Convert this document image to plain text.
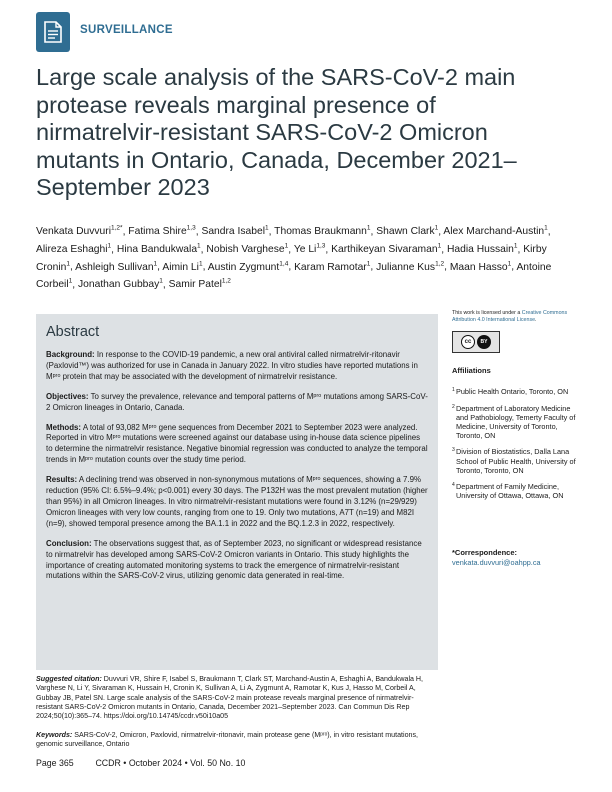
SURVEILLANCE
Large scale analysis of the SARS-CoV-2 main protease reveals marginal presence of nirmatrelvir-resistant SARS-CoV-2 Omicron mutants in Ontario, Canada, December 2021–September 2023
Venkata Duvvuri$^{1,2*}$, Fatima Shire$^{1,3}$, Sandra Isabel$^1$, Thomas Braukmann$^1$, Shawn Clark$^1$, Alex Marchand-Austin$^1$, Alireza Eshaghi$^1$, Hina Bandukwala$^1$, Nobish Varghese$^1$, Ye Li$^{1,3}$, Karthikeyan Sivaraman$^1$, Hadia Hussain$^1$, Kirby Cronin$^1$, Ashleigh Sullivan$^1$, Aimin Li$^1$, Austin Zygmunt$^{1,4}$, Karam Ramotar$^1$, Julianne Kus$^{1,2}$, Maan Hasso$^1$, Antoine Corbeil$^1$, Jonathan Gubbay$^1$, Samir Patel$^{1,2}$
Abstract

Background: In response to the COVID-19 pandemic, a new oral antiviral called nirmatrelvir-ritonavir (Paxlovid™) was authorized for use in Canada in January 2022. In vitro studies have reported mutations in Mᵖʳᵒ protein that may be associated with the development of nirmatrelvir resistance.

Objectives: To survey the prevalence, relevance and temporal patterns of Mᵖʳᵒ mutations among SARS-CoV-2 Omicron lineages in Ontario, Canada.

Methods: A total of 93,082 Mᵖʳᵒ gene sequences from December 2021 to September 2023 were analyzed. Reported in vitro Mᵖʳᵒ mutations were screened against our database using in-house data science pipelines to determine the nirmatrelvir resistance. Negative binomial regression was conducted to analyze the temporal trends in Mᵖʳᵒ mutation counts over the study time period.

Results: A declining trend was observed in non-synonymous mutations of Mᵖʳᵒ sequences, showing a 7.9% reduction (95% CI: 6.5%–9.4%; p<0.001) every 30 days. The P132H was the most prevalent mutation (higher than 95%) in all Omicron lineages. In vitro nirmatrelvir-resistant mutations were found in 3.12% (n=29/929) Omicron lineages with very low counts, ranging from one to 19. Only two mutations, A7T (n=19) and M82I (n=9), showed temporal presence among the BA.1.1 in 2022 and the BQ.1.2.3 in 2022, respectively.

Conclusion: The observations suggest that, as of September 2023, no significant or widespread resistance to nirmatrelvir has developed among SARS-CoV-2 Omicron variants in Ontario. This study highlights the importance of creating automated monitoring systems to track the emergence of nirmatrelvir-resistant mutations within the SARS-CoV-2 virus, utilizing genomic data generated in real-time.

This work is licensed under a Creative Commons Attribution 4.0 International License.
cc	BY
Affiliations
1 Public Health Ontario, Toronto, ON
2 Department of Laboratory Medicine and Pathobiology, Temerty Faculty of Medicine, University of Toronto, Toronto, ON
3 Division of Biostatistics, Dalla Lana School of Public Health, University of Toronto, Toronto, ON
4 Department of Family Medicine, University of Ottawa, Ottawa, ON
*Correspondence:
venkata.duvvuri@oahpp.ca
Suggested citation: Duvvuri VR, Shire F, Isabel S, Braukmann T, Clark ST, Marchand-Austin A, Eshaghi A, Bandukwala H, Varghese N, Li Y, Sivaraman K, Hussain H, Cronin K, Sullivan A, Li A, Zygmunt A, Ramotar K, Kus J, Hasso M, Corbeil A, Gubbay JB, Patel SN. Large scale analysis of the SARS-CoV-2 main protease reveals marginal presence of nirmatrelvir-resistant SARS-CoV-2 Omicron mutants in Ontario, Canada, December 2021–September 2023. Can Commun Dis Rep 2024;50(10):365–74. https://doi.org/10.14745/ccdr.v50i10a05
Keywords: SARS-CoV-2, Omicron, Paxlovid, nirmatrelvir-ritonavir, main protease gene (Mᵖʳᵒ), in vitro resistant mutations, genomic surveillance, Ontario
Page 365 CCDR • October 2024 • Vol. 50 No. 10
